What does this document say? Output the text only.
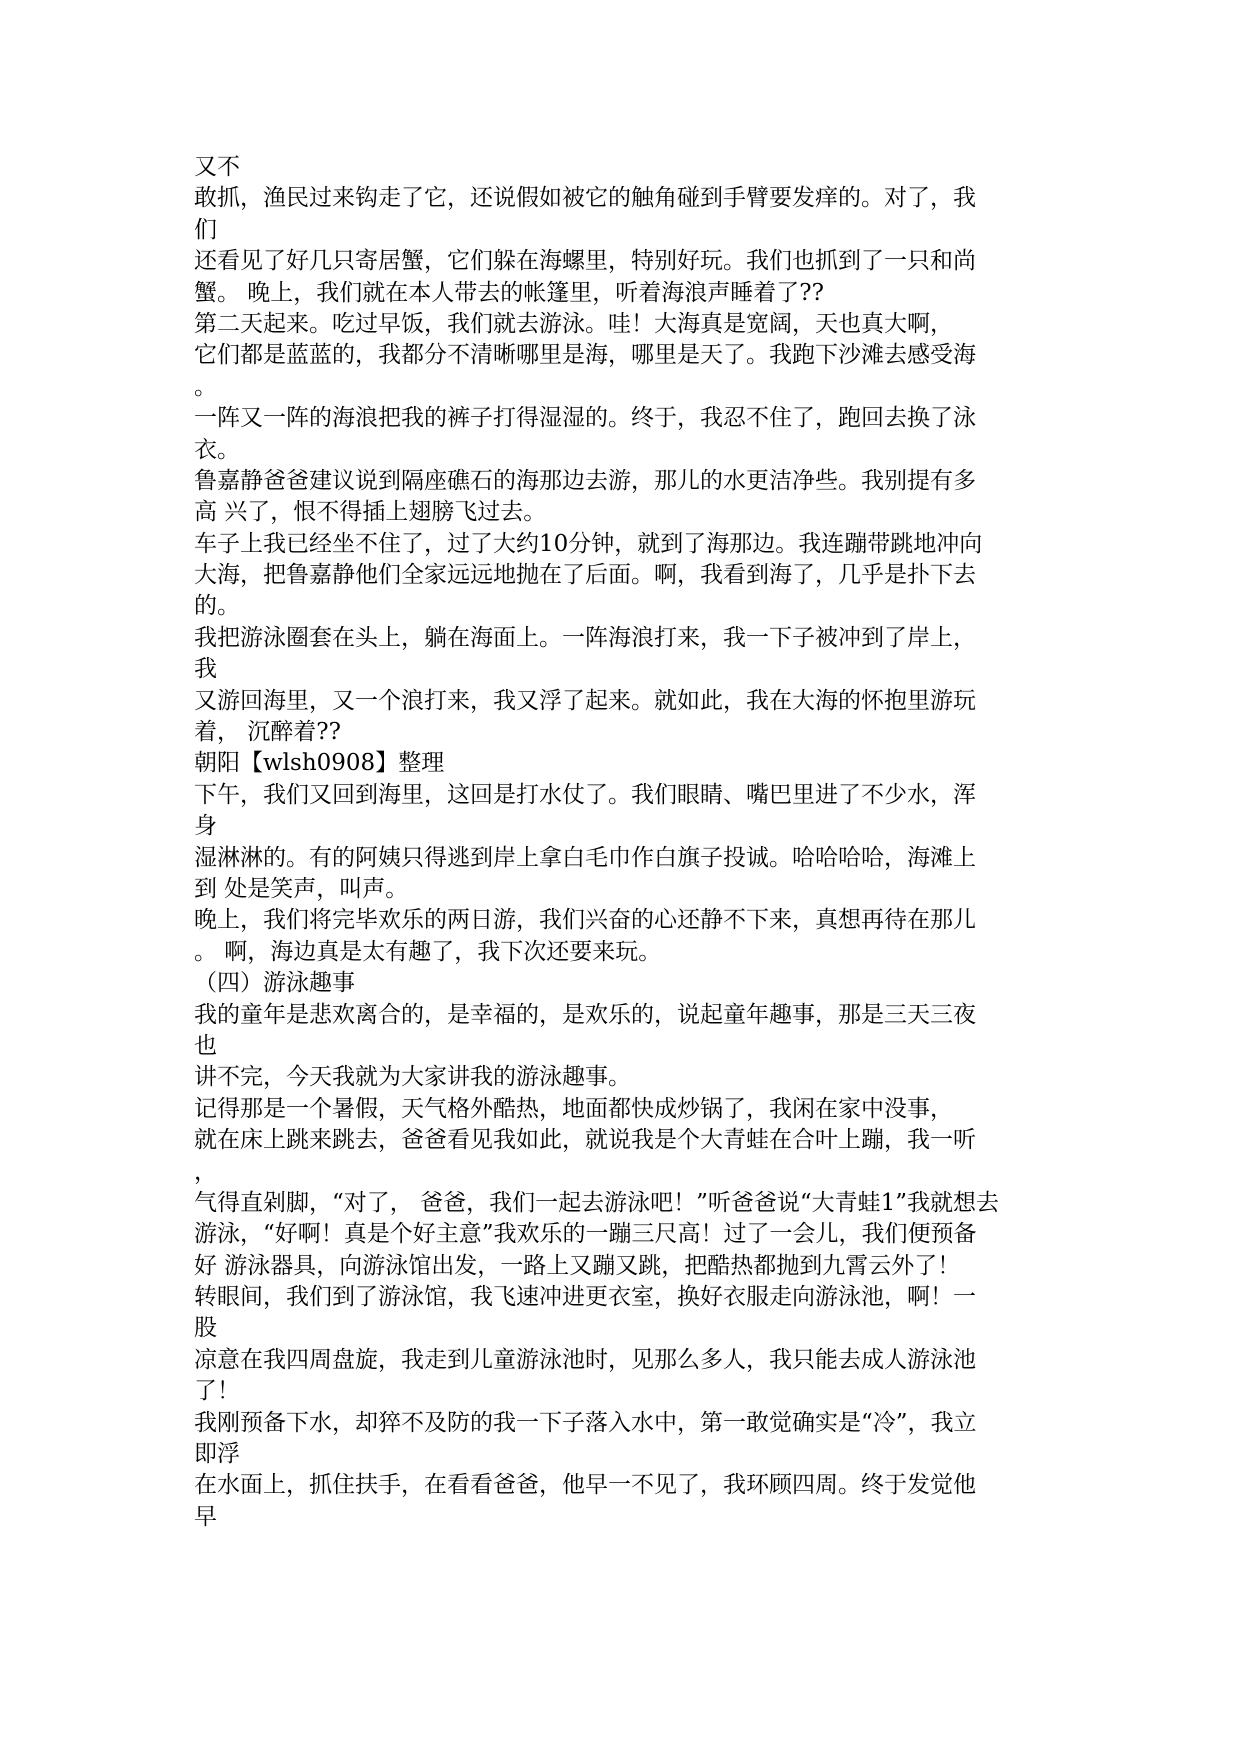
又不
敢抓，渔民过来钩走了它，还说假如被它的触角碰到手臂要发痒的。对了，我
们
还看见了好几只寄居蟹，它们躲在海螺里，特别好玩。我们也抓到了一只和尚
蟹。 晚上，我们就在本人带去的帐篷里，听着海浪声睡着了??
第二天起来。吃过早饭，我们就去游泳。哇！大海真是宽阔，天也真大啊，
它们都是蓝蓝的，我都分不清晰哪里是海，哪里是天了。我跑下沙滩去感受海
。
一阵又一阵的海浪把我的裤子打得湿湿的。终于，我忍不住了，跑回去换了泳
衣。
鲁嘉静爸爸建议说到隔座礁石的海那边去游，那儿的水更洁净些。我别提有多
高 兴了，恨不得插上翅膀飞过去。
车子上我已经坐不住了，过了大约10分钟，就到了海那边。我连蹦带跳地冲向
大海，把鲁嘉静他们全家远远地抛在了后面。啊，我看到海了，几乎是扑下去
的。
我把游泳圈套在头上，躺在海面上。一阵海浪打来，我一下子被冲到了岸上，
我
又游回海里，又一个浪打来，我又浮了起来。就如此，我在大海的怀抱里游玩
着， 沉醉着??
朝阳【wlsh0908】整理
下午，我们又回到海里，这回是打水仗了。我们眼睛、嘴巴里进了不少水，浑
身
湿淋淋的。有的阿姨只得逃到岸上拿白毛巾作白旗子投诚。哈哈哈哈，海滩上
到 处是笑声，叫声。
晚上，我们将完毕欢乐的两日游，我们兴奋的心还静不下来，真想再待在那儿
。 啊，海边真是太有趣了，我下次还要来玩。
（四）游泳趣事
我的童年是悲欢离合的，是幸福的，是欢乐的，说起童年趣事，那是三天三夜
也
讲不完，今天我就为大家讲我的游泳趣事。
记得那是一个暑假，天气格外酷热，地面都快成炒锅了，我闲在家中没事，
就在床上跳来跳去，爸爸看见我如此，就说我是个大青蛙在合叶上蹦，我一听
，
气得直剁脚，“对了， 爸爸，我们一起去游泳吧！”听爸爸说“大青蛙1”我就想去
游泳，“好啊！真是个好主意”我欢乐的一蹦三尺高！过了一会儿，我们便预备
好 游泳器具，向游泳馆出发，一路上又蹦又跳，把酷热都抛到九霄云外了！
转眼间，我们到了游泳馆，我飞速冲进更衣室，换好衣服走向游泳池，啊！一
股
凉意在我四周盘旋，我走到儿童游泳池时，见那么多人，我只能去成人游泳池
了！
我刚预备下水，却猝不及防的我一下子落入水中，第一敢觉确实是“冷”，我立
即浮
在水面上，抓住扶手，在看看爸爸，他早一不见了，我环顾四周。终于发觉他
早
